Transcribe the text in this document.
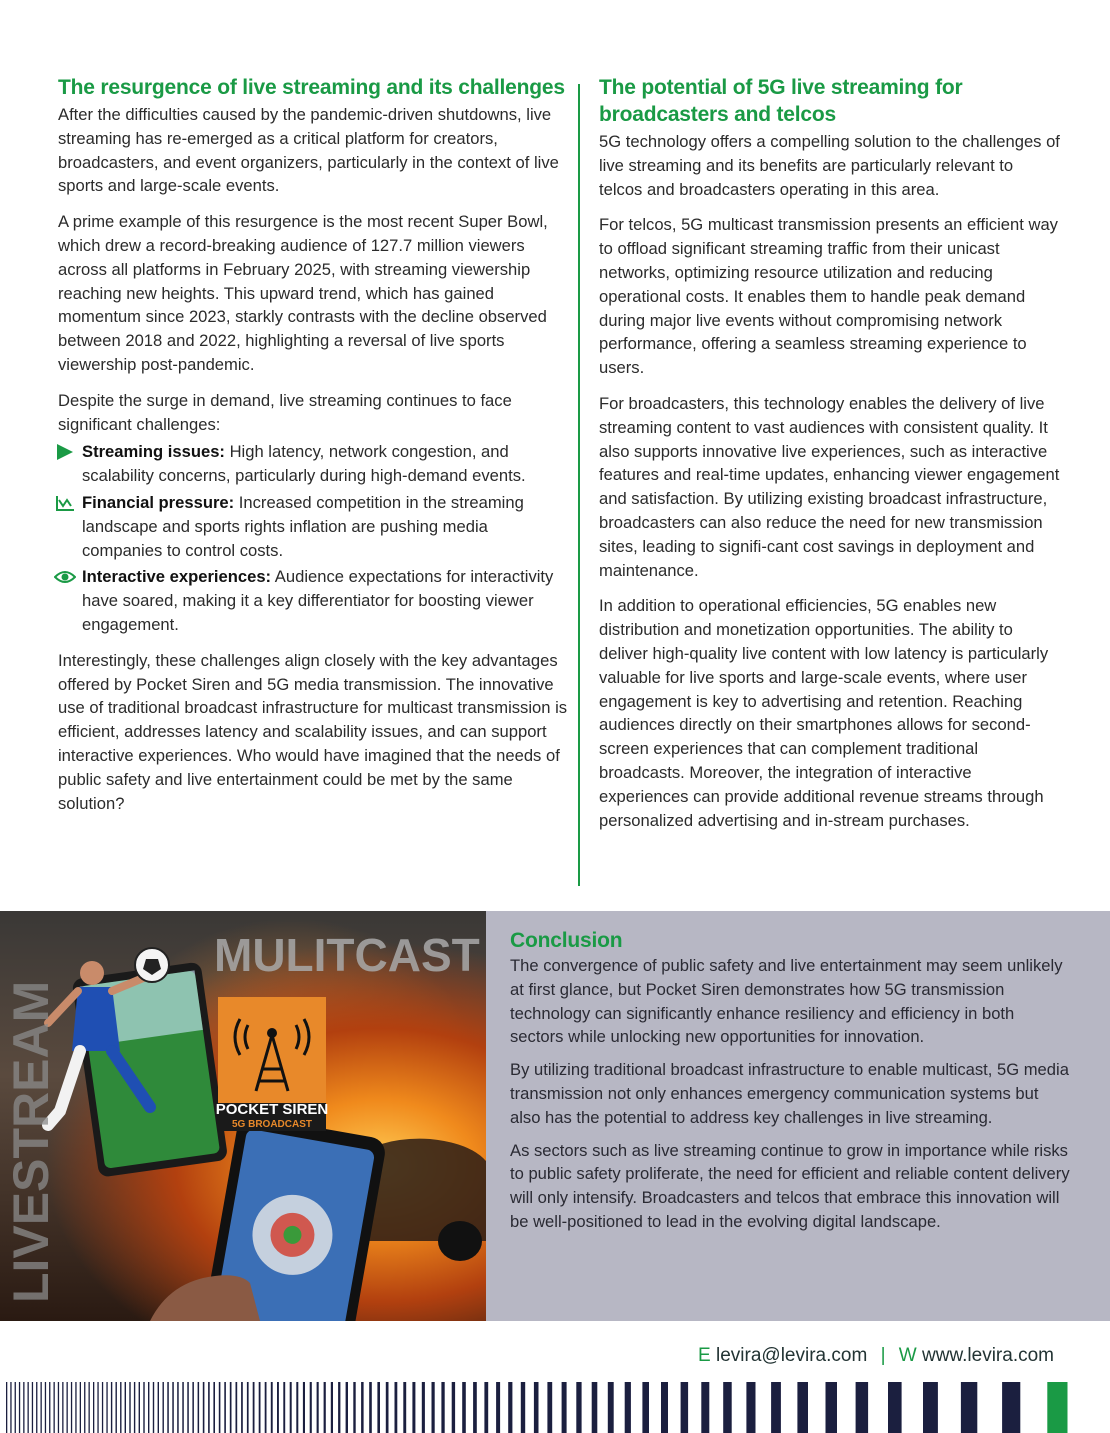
The resurgence of live streaming and its challenges

After the difficulties caused by the pandemic-driven shutdowns, live streaming has re-emerged as a critical platform for creators, broadcasters, and event organizers, particularly in the context of live sports and large-scale events.

A prime example of this resurgence is the most recent Super Bowl, which drew a record-breaking audience of 127.7 million viewers across all platforms in February 2025, with streaming viewership reaching new heights. This upward trend, which has gained momentum since 2023, starkly contrasts with the decline observed between 2018 and 2022, highlighting a reversal of live sports viewership post-pandemic.

Despite the surge in demand, live streaming continues to face significant challenges:

Streaming issues: High latency, network congestion, and scalability concerns, particularly during high-demand events.
Financial pressure: Increased competition in the streaming landscape and sports rights inflation are pushing media companies to control costs.
Interactive experiences: Audience expectations for interactivity have soared, making it a key differentiator for boosting viewer engagement.

Interestingly, these challenges align closely with the key advantages offered by Pocket Siren and 5G media transmission. The innovative use of traditional broadcast infrastructure for multicast transmission is efficient, addresses latency and scalability issues, and can support interactive experiences. Who would have imagined that the needs of public safety and live entertainment could be met by the same solution?

The potential of 5G live streaming for broadcasters and telcos

5G technology offers a compelling solution to the challenges of live streaming and its benefits are particularly relevant to telcos and broadcasters operating in this area.

For telcos, 5G multicast transmission presents an efficient way to offload significant streaming traffic from their unicast networks, optimizing resource utilization and reducing operational costs. It enables them to handle peak demand during major live events without compromising network performance, offering a seamless streaming experience to users.

For broadcasters, this technology enables the delivery of live streaming content to vast audiences with consistent quality. It also supports innovative live experiences, such as interactive features and real-time updates, enhancing viewer engagement and satisfaction. By utilizing existing broadcast infrastructure, broadcasters can also reduce the need for new transmission sites, leading to signifi-cant cost savings in deployment and maintenance.

In addition to operational efficiencies, 5G enables new distribution and monetization opportunities. The ability to deliver high-quality live content with low latency is particularly valuable for live sports and large-scale events, where user engagement is key to advertising and retention. Reaching audiences directly on their smartphones allows for second-screen experiences that can complement traditional broadcasts. Moreover, the integration of interactive experiences can provide additional revenue streams through personalized advertising and in-stream purchases.

POCKET SIREN
5G BROADCAST
MULITCAST
LIVESTREAM
Conclusion

The convergence of public safety and live entertainment may seem unlikely at first glance, but Pocket Siren demonstrates how 5G transmission technology can significantly enhance resiliency and efficiency in both sectors while unlocking new opportunities for innovation.

By utilizing traditional broadcast infrastructure to enable multicast, 5G media transmission not only enhances emergency communication systems but also has the potential to address key challenges in live streaming.

As sectors such as live streaming continue to grow in importance while risks to public safety proliferate, the need for efficient and reliable content delivery will only intensify. Broadcasters and telcos that embrace this innovation will be well-positioned to lead in the evolving digital landscape.

E levira@levira.com | W www.levira.com
